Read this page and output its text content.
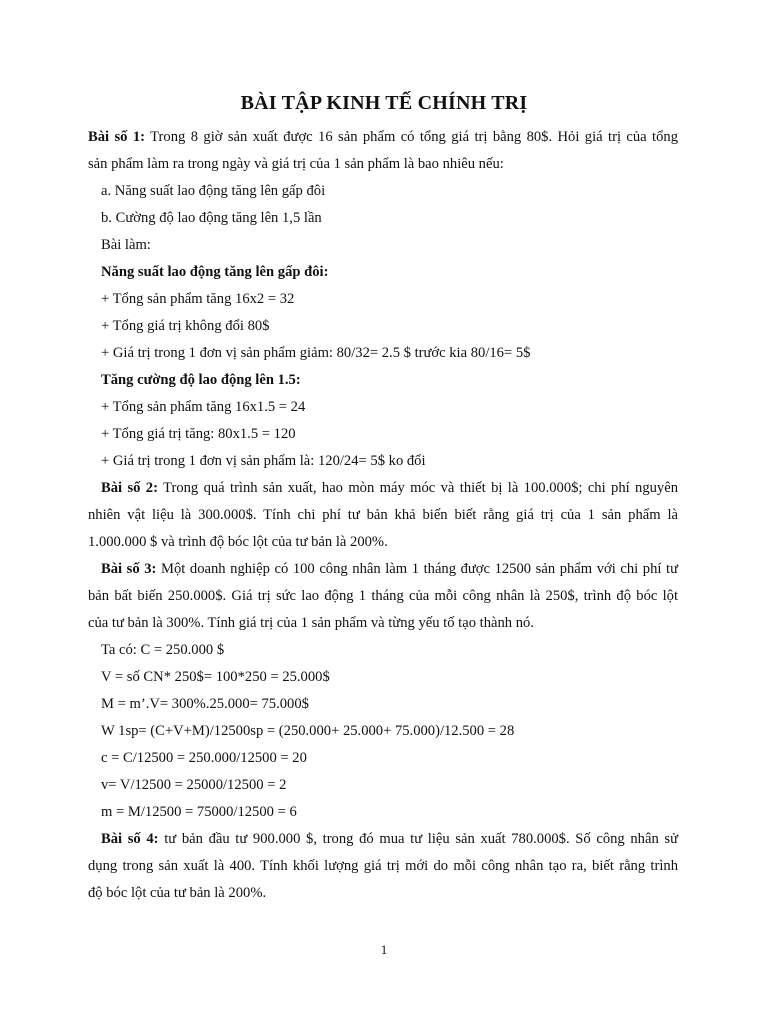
BÀI TẬP KINH TẾ CHÍNH TRỊ
Bài số 1: Trong 8 giờ sản xuất được 16 sản phẩm có tổng giá trị bằng 80$. Hỏi giá trị của tổng
sản phẩm làm ra trong ngày và giá trị của 1 sản phẩm là bao nhiêu nếu:
a. Năng suất lao động tăng lên gấp đôi
b. Cường độ lao động tăng lên 1,5 lần
Bài làm:
Năng suất lao động tăng lên gấp đôi:
+ Tổng sản phẩm tăng 16x2 = 32
+ Tổng giá trị không đổi 80$
+ Giá trị trong 1 đơn vị sản phẩm giảm: 80/32= 2.5 $ trước kia 80/16= 5$
Tăng cường độ lao động lên 1.5:
+ Tổng sản phẩm tăng 16x1.5 = 24
+ Tổng giá trị tăng: 80x1.5 = 120
+ Giá trị trong 1 đơn vị sản phẩm là: 120/24= 5$ ko đổi
Bài số 2: Trong quá trình sản xuất, hao mòn máy móc và thiết bị là 100.000$; chi phí nguyên
nhiên vật liệu là 300.000$. Tính chi phí tư bản khả biến biết rằng giá trị của 1 sản phẩm là
1.000.000 $ và trình độ bóc lột của tư bản là 200%.
Bài số 3: Một doanh nghiệp có 100 công nhân làm 1 tháng được 12500 sản phẩm với chi phí tư
bản bất biến 250.000$. Giá trị sức lao động 1 tháng của mỗi công nhân là 250$, trình độ bóc lột
của tư bản là 300%. Tính giá trị của 1 sản phẩm và từng yếu tố tạo thành nó.
Ta có: C = 250.000 $
V = số CN* 250$= 100*250 = 25.000$
M = m’.V= 300%.25.000= 75.000$
W 1sp= (C+V+M)/12500sp = (250.000+ 25.000+ 75.000)/12.500 = 28
c = C/12500 = 250.000/12500 = 20
v= V/12500 = 25000/12500 = 2
m = M/12500 = 75000/12500 = 6
Bài số 4: tư bản đầu tư 900.000 $, trong đó mua tư liệu sản xuất 780.000$. Số công nhân sử
dụng trong sản xuất là 400. Tính khối lượng giá trị mới do mỗi công nhân tạo ra, biết rằng trình
độ bóc lột của tư bản là 200%.
1
